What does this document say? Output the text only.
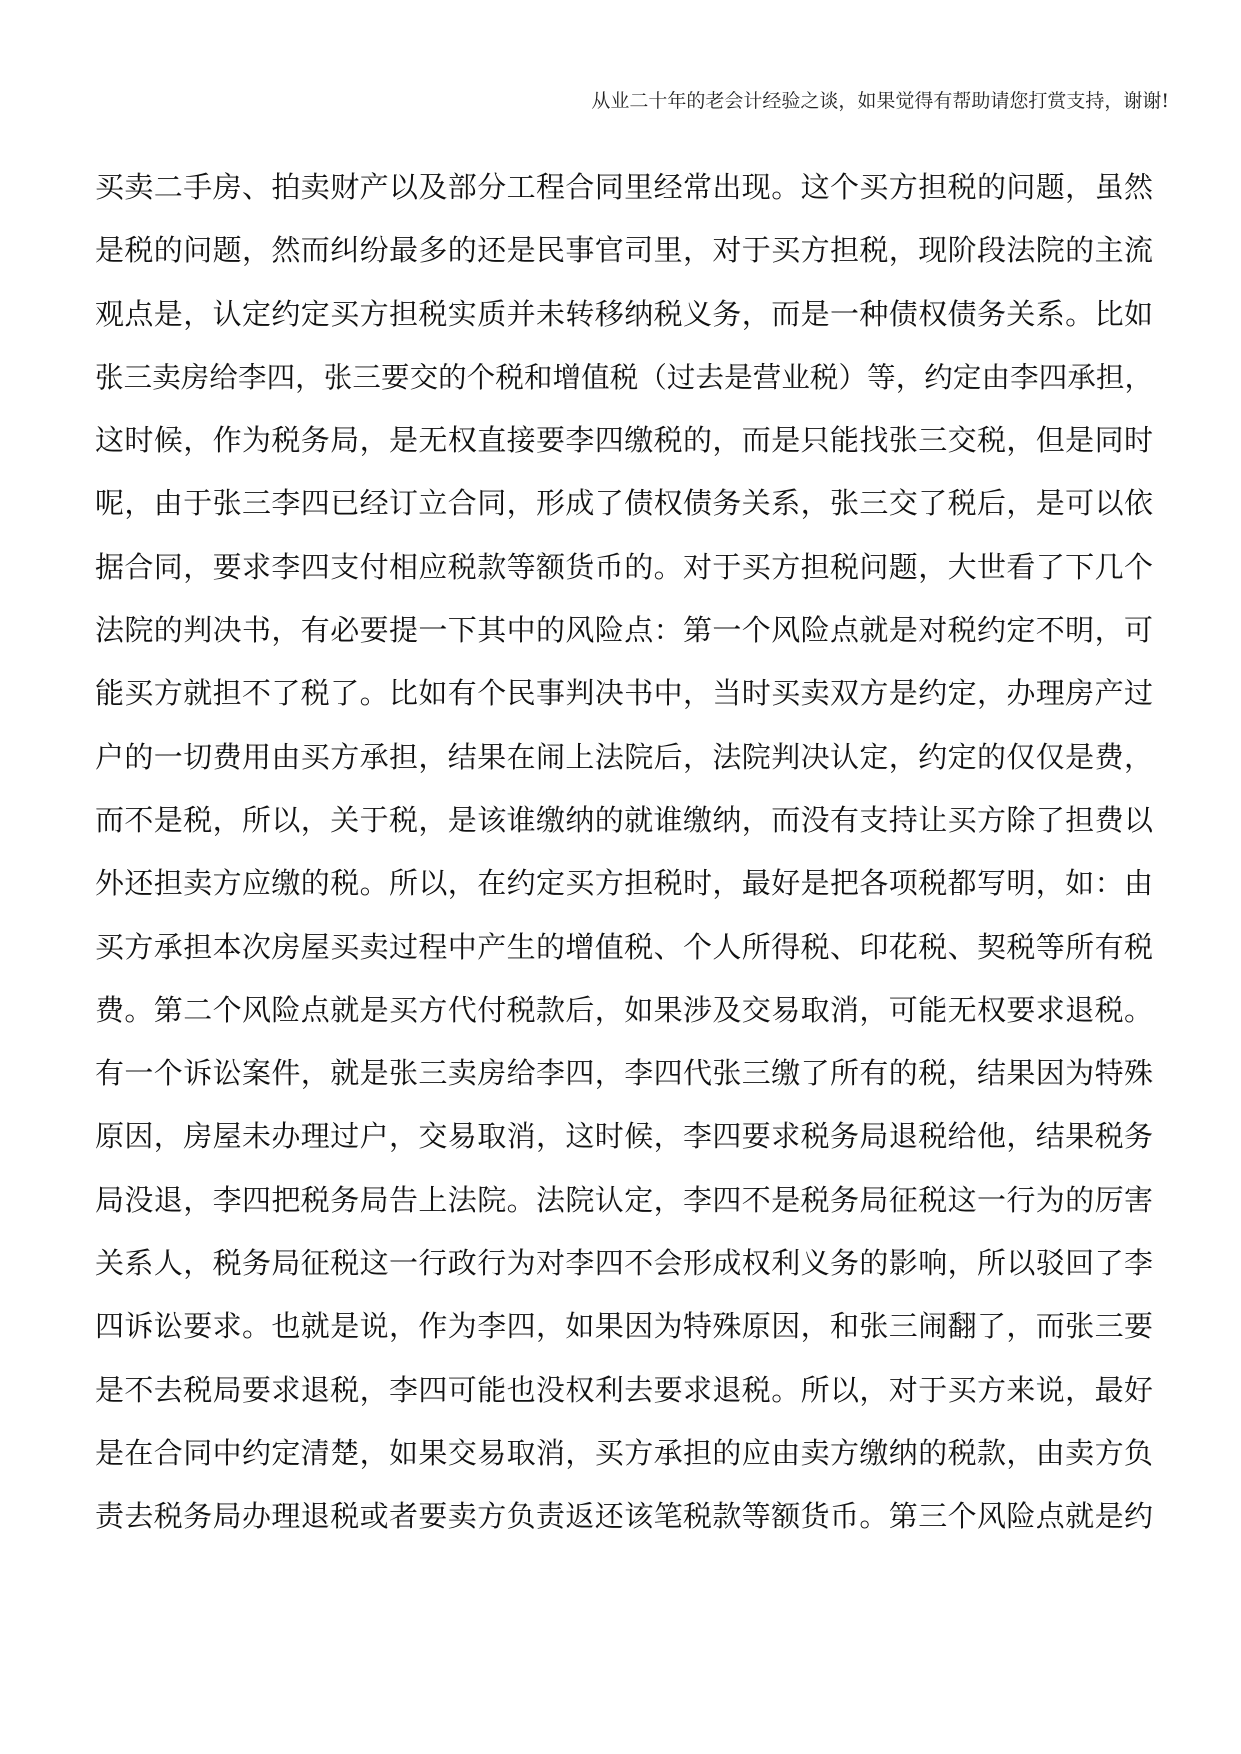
从业二十年的老会计经验之谈，如果觉得有帮助请您打赏支持，谢谢!
买卖二手房、拍卖财产以及部分工程合同里经常出现。这个买方担税的问题，虽然
是税的问题，然而纠纷最多的还是民事官司里，对于买方担税，现阶段法院的主流
观点是，认定约定买方担税实质并未转移纳税义务，而是一种债权债务关系。比如
张三卖房给李四，张三要交的个税和增值税（过去是营业税）等，约定由李四承担，
这时候，作为税务局，是无权直接要李四缴税的，而是只能找张三交税，但是同时
呢，由于张三李四已经订立合同，形成了债权债务关系，张三交了税后，是可以依
据合同，要求李四支付相应税款等额货币的。对于买方担税问题，大世看了下几个
法院的判决书，有必要提一下其中的风险点：第一个风险点就是对税约定不明，可
能买方就担不了税了。比如有个民事判决书中，当时买卖双方是约定，办理房产过
户的一切费用由买方承担，结果在闹上法院后，法院判决认定，约定的仅仅是费，
而不是税，所以，关于税，是该谁缴纳的就谁缴纳，而没有支持让买方除了担费以
外还担卖方应缴的税。所以，在约定买方担税时，最好是把各项税都写明，如：由
买方承担本次房屋买卖过程中产生的增值税、个人所得税、印花税、契税等所有税
费。第二个风险点就是买方代付税款后，如果涉及交易取消，可能无权要求退税。
有一个诉讼案件，就是张三卖房给李四，李四代张三缴了所有的税，结果因为特殊
原因，房屋未办理过户，交易取消，这时候，李四要求税务局退税给他，结果税务
局没退，李四把税务局告上法院。法院认定，李四不是税务局征税这一行为的厉害
关系人，税务局征税这一行政行为对李四不会形成权利义务的影响，所以驳回了李
四诉讼要求。也就是说，作为李四，如果因为特殊原因，和张三闹翻了，而张三要
是不去税局要求退税，李四可能也没权利去要求退税。所以，对于买方来说，最好
是在合同中约定清楚，如果交易取消，买方承担的应由卖方缴纳的税款，由卖方负
责去税务局办理退税或者要卖方负责返还该笔税款等额货币。第三个风险点就是约
